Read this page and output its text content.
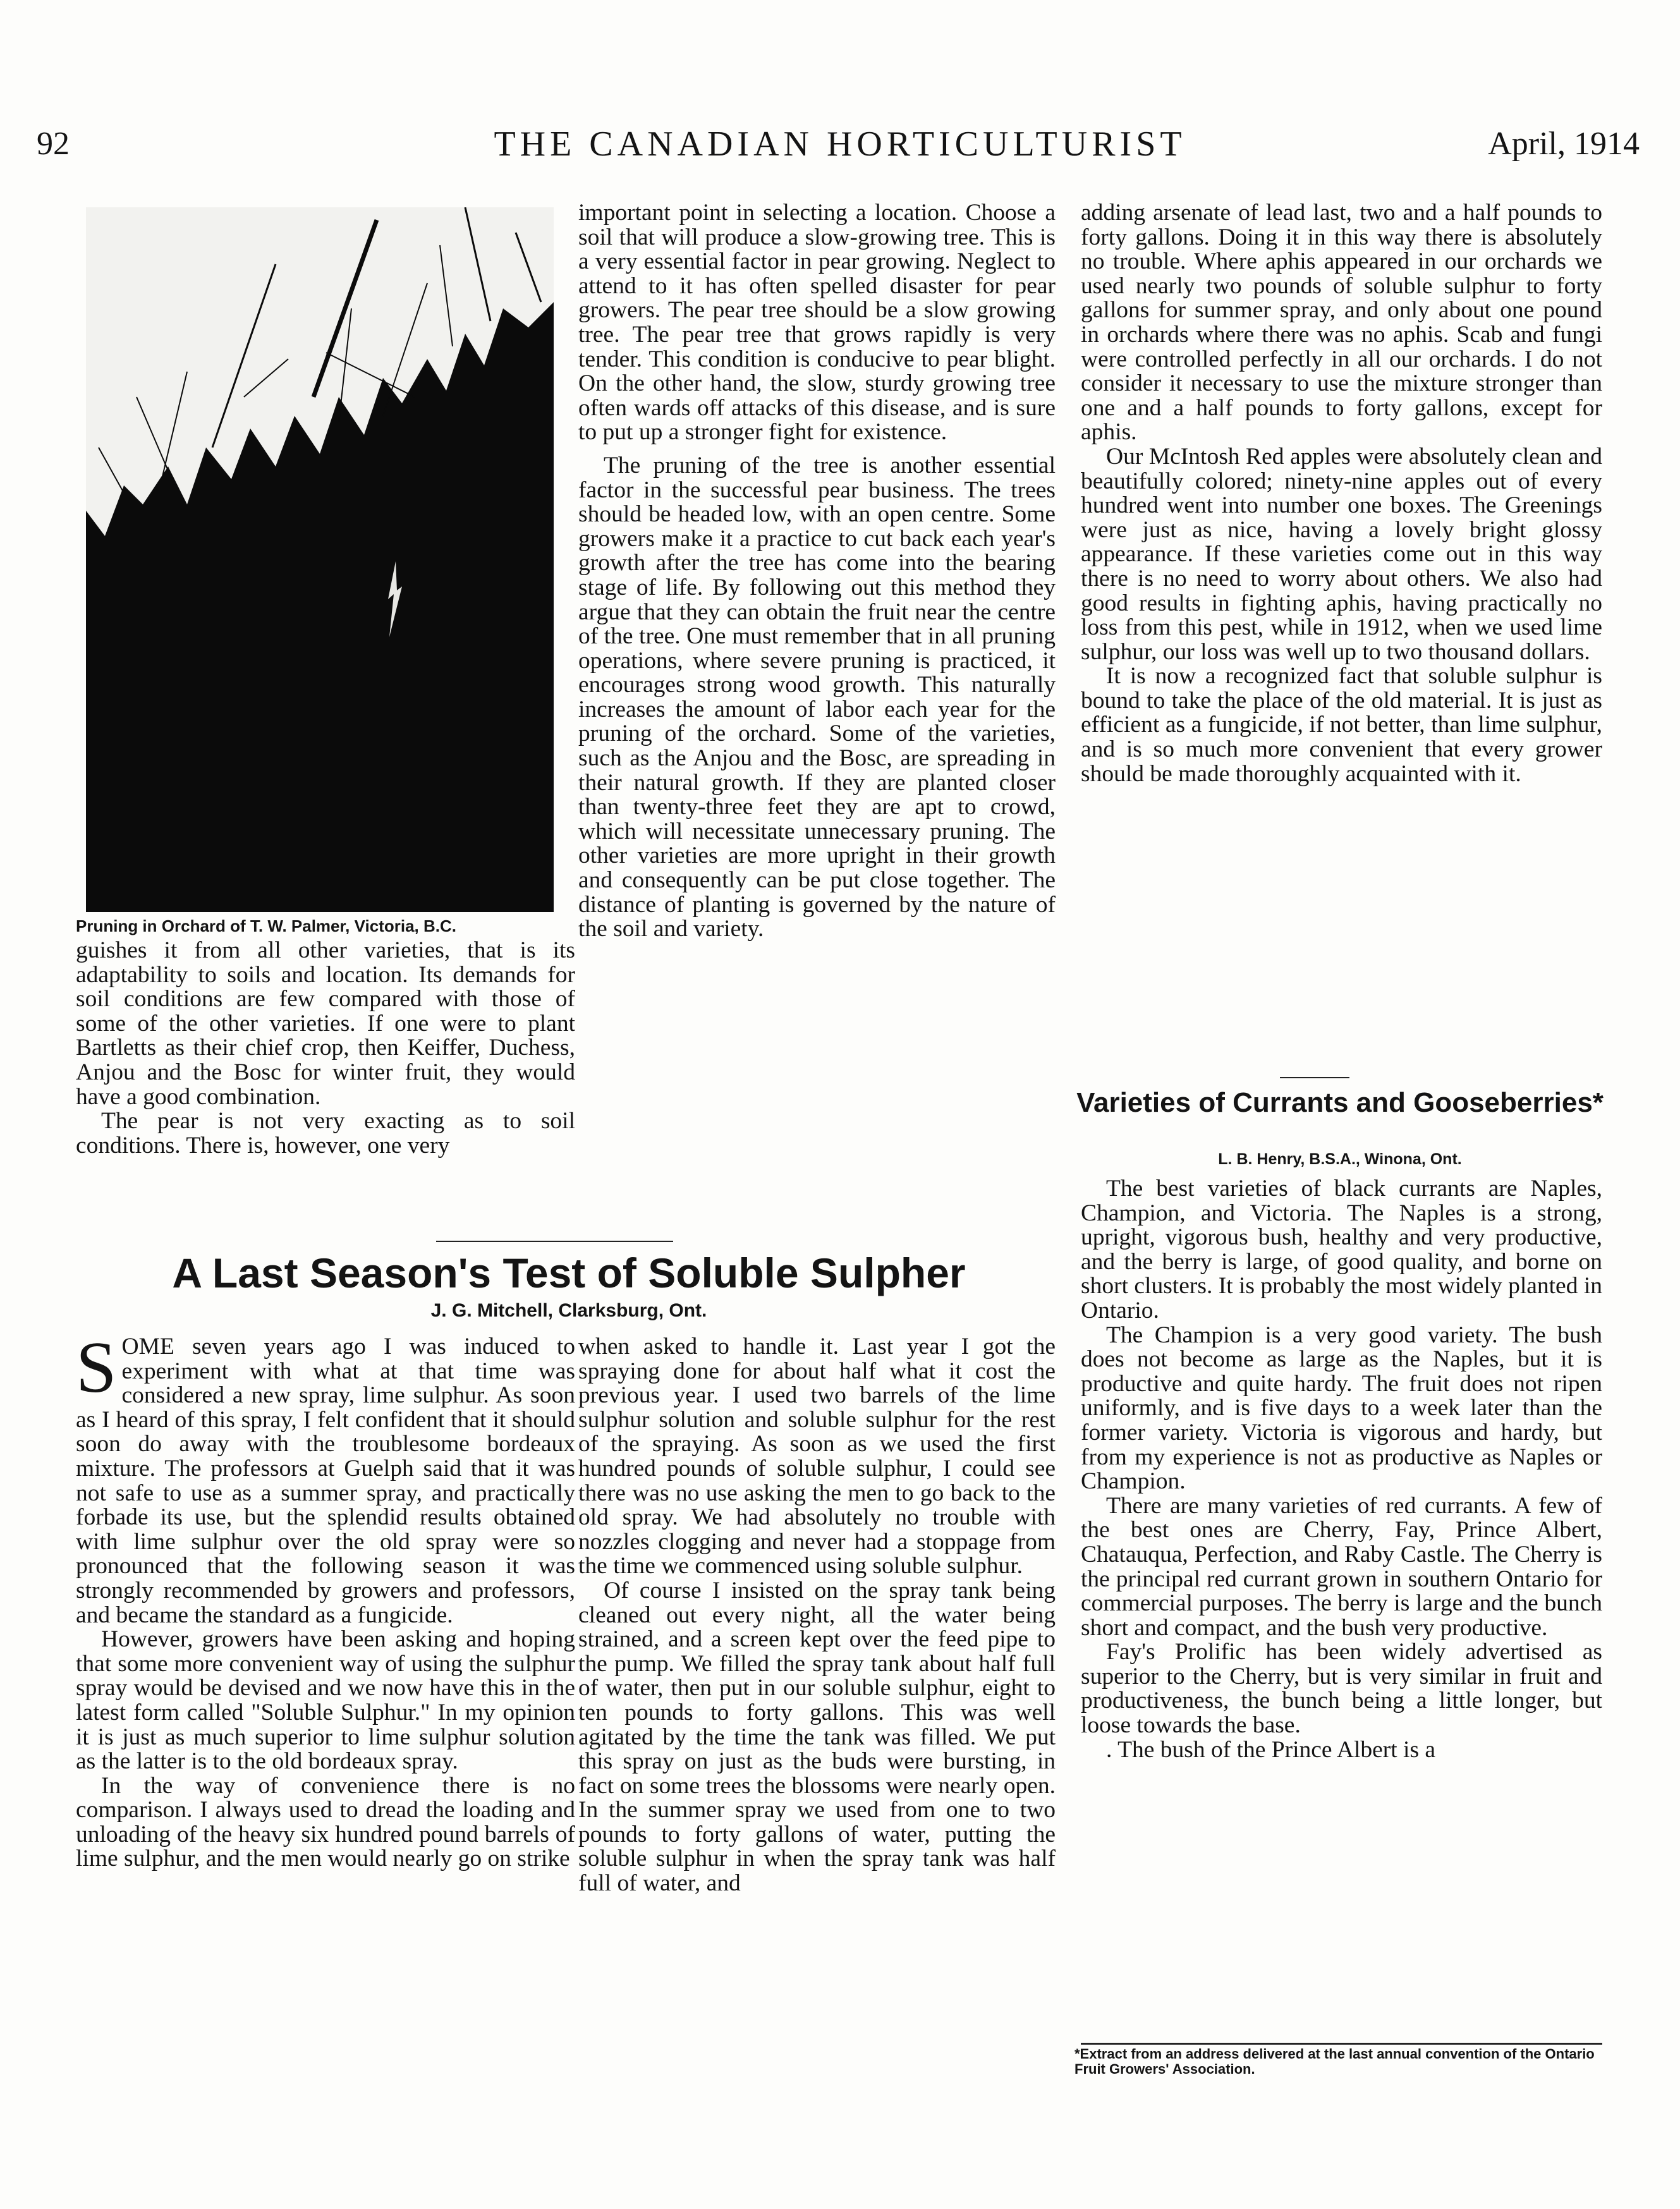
92	THE CANADIAN HORTICULTURIST	April, 1914
Pruning in Orchard of T. W. Palmer, Victoria, B.C.

guishes it from all other varieties, that is its adaptability to soils and location. Its demands for soil conditions are few compared with those of some of the other varieties. If one were to plant Bartletts as their chief crop, then Keiffer, Duchess, Anjou and the Bosc for winter fruit, they would have a good combination.

The pear is not very exacting as to soil conditions. There is, however, one very

important point in selecting a location. Choose a soil that will produce a slow-growing tree. This is a very essential factor in pear growing. Neglect to attend to it has often spelled disaster for pear growers. The pear tree should be a slow growing tree. The pear tree that grows rapidly is very tender. This condition is conducive to pear blight. On the other hand, the slow, sturdy growing tree often wards off attacks of this disease, and is sure to put up a stronger fight for existence.

The pruning of the tree is another essential factor in the successful pear business. The trees should be headed low, with an open centre. Some growers make it a practice to cut back each year's growth after the tree has come into the bearing stage of life. By following out this method they argue that they can obtain the fruit near the centre of the tree. One must remember that in all pruning operations, where severe pruning is practiced, it encourages strong wood growth. This naturally increases the amount of labor each year for the pruning of the orchard. Some of the varieties, such as the Anjou and the Bosc, are spreading in their natural growth. If they are planted closer than twenty-three feet they are apt to crowd, which will necessitate unnecessary pruning. The other varieties are more upright in their growth and consequently can be put close together. The distance of planting is governed by the nature of the soil and variety.

adding arsenate of lead last, two and a half pounds to forty gallons. Doing it in this way there is absolutely no trouble. Where aphis appeared in our orchards we used nearly two pounds of soluble sulphur to forty gallons for summer spray, and only about one pound in orchards where there was no aphis. Scab and fungi were controlled perfectly in all our orchards. I do not consider it necessary to use the mixture stronger than one and a half pounds to forty gallons, except for aphis.

Our McIntosh Red apples were absolutely clean and beautifully colored; ninety-nine apples out of every hundred went into number one boxes. The Greenings were just as nice, having a lovely bright glossy appearance. If these varieties come out in this way there is no need to worry about others. We also had good results in fighting aphis, having practically no loss from this pest, while in 1912, when we used lime sulphur, our loss was well up to two thousand dollars.

It is now a recognized fact that soluble sulphur is bound to take the place of the old material. It is just as efficient as a fungicide, if not better, than lime sulphur, and is so much more convenient that every grower should be made thoroughly acquainted with it.

Varieties of Currants and Gooseberries*
L. B. Henry, B.S.A., Winona, Ont.

The best varieties of black currants are Naples, Champion, and Victoria. The Naples is a strong, upright, vigorous bush, healthy and very productive, and the berry is large, of good quality, and borne on short clusters. It is probably the most widely planted in Ontario.

The Champion is a very good variety. The bush does not become as large as the Naples, but it is productive and quite hardy. The fruit does not ripen uniformly, and is five days to a week later than the former variety. Victoria is vigorous and hardy, but from my experience is not as productive as Naples or Champion.

There are many varieties of red currants. A few of the best ones are Cherry, Fay, Prince Albert, Chatauqua, Perfection, and Raby Castle. The Cherry is the principal red currant grown in southern Ontario for commercial purposes. The berry is large and the bunch short and compact, and the bush very productive.

Fay's Prolific has been widely advertised as superior to the Cherry, but is very similar in fruit and productiveness, the bunch being a little longer, but loose towards the base.

. The bush of the Prince Albert is a

*Extract from an address delivered at the last annual convention of the Ontario Fruit Growers' Association.
A Last Season's Test of Soluble Sulpher
J. G. Mitchell, Clarksburg, Ont.

SOME seven years ago I was induced to experiment with what at that time was considered a new spray, lime sulphur. As soon as I heard of this spray, I felt confident that it should soon do away with the troublesome bordeaux mixture. The professors at Guelph said that it was not safe to use as a summer spray, and practically forbade its use, but the splendid results obtained with lime sulphur over the old spray were so pronounced that the following season it was strongly recommended by growers and professors, and became the standard as a fungicide.

However, growers have been asking and hoping that some more convenient way of using the sulphur spray would be devised and we now have this in the latest form called "Soluble Sulphur." In my opinion it is just as much superior to lime sulphur solution as the latter is to the old bordeaux spray.

In the way of convenience there is no comparison. I always used to dread the loading and unloading of the heavy six hundred pound barrels of lime sulphur, and the men would nearly go on strike

when asked to handle it. Last year I got the spraying done for about half what it cost the previous year. I used two barrels of the lime sulphur solution and soluble sulphur for the rest of the spraying. As soon as we used the first hundred pounds of soluble sulphur, I could see there was no use asking the men to go back to the old spray. We had absolutely no trouble with nozzles clogging and never had a stoppage from the time we commenced using soluble sulphur.

Of course I insisted on the spray tank being cleaned out every night, all the water being strained, and a screen kept over the feed pipe to the pump. We filled the spray tank about half full of water, then put in our soluble sulphur, eight to ten pounds to forty gallons. This was well agitated by the time the tank was filled. We put this spray on just as the buds were bursting, in fact on some trees the blossoms were nearly open. In the summer spray we used from one to two pounds to forty gallons of water, putting the soluble sulphur in when the spray tank was half full of water, and
